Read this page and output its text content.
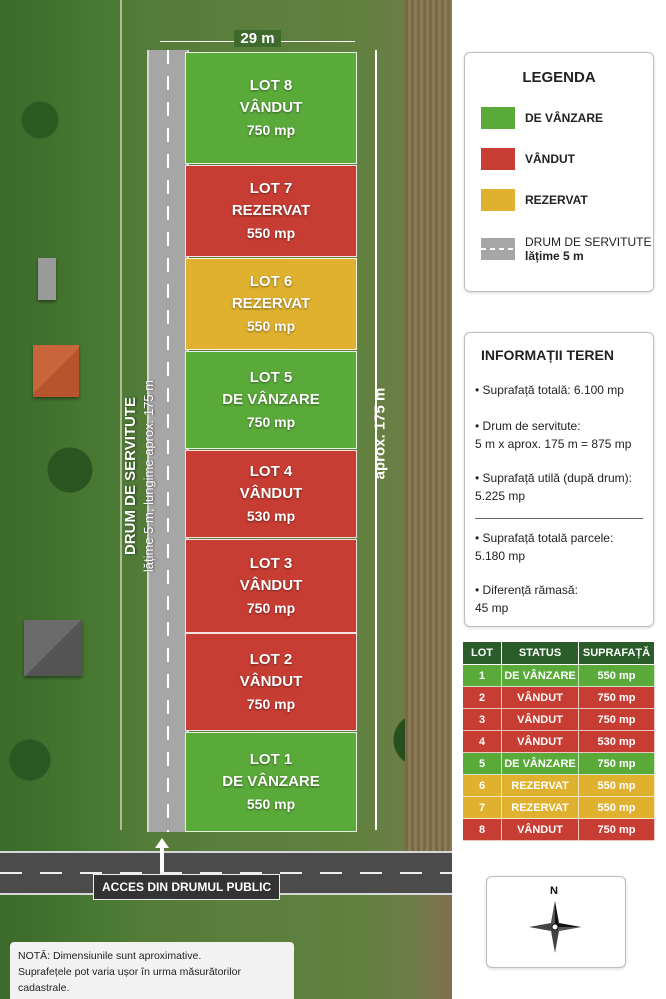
29 m
LOT 8
VÂNDUT
750 mp
LOT 7
REZERVAT
550 mp
LOT 6
REZERVAT
550 mp
LOT 5
DE VÂNZARE
750 mp
LOT 4
VÂNDUT
530 mp
LOT 3
VÂNDUT
750 mp
LOT 2
VÂNDUT
750 mp
LOT 1
DE VÂNZARE
550 mp
aprox. 175 m
DRUM DE SERVITUTE lățime 5 m, lungime aprox. 175 m
ACCES DIN DRUMUL PUBLIC
NOTĂ: Dimensiunile sunt aproximative.
Suprafețele pot varia ușor în urma măsurătorilor cadastrale.
LEGENDA
DE VÂNZARE
VÂNDUT
REZERVAT
DRUM DE SERVITUTE
lățime 5 m
INFORMAȚII TEREN
• Suprafață totală: 6.100 mp
• Drum de servitute:
5 m x aprox. 175 m = 875 mp
• Suprafață utilă (după drum):
5.225 mp
• Suprafață totală parcele:
5.180 mp
• Diferență rămasă:
45 mp
LOT	STATUS	SUPRAFAȚĂ
1	DE VÂNZARE	550 mp
2	VÂNDUT	750 mp
3	VÂNDUT	750 mp
4	VÂNDUT	530 mp
5	DE VÂNZARE	750 mp
6	REZERVAT	550 mp
7	REZERVAT	550 mp
8	VÂNDUT	750 mp
N
